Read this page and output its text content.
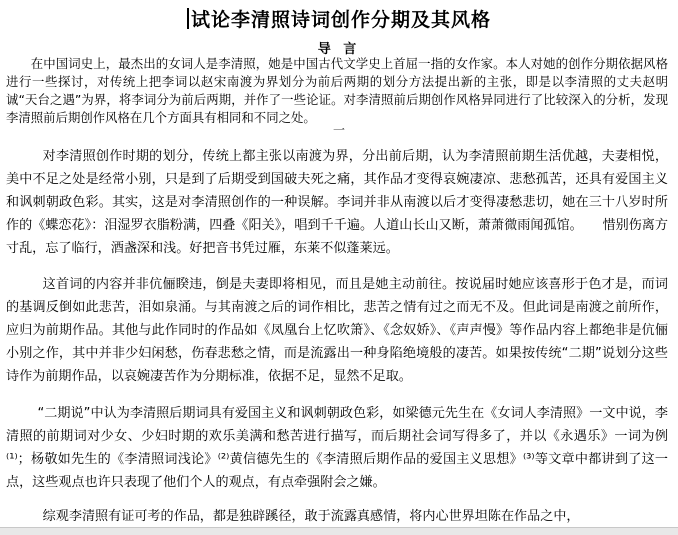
试论李清照诗词创作分期及其风格
导 言

在中国词史上，最杰出的女词人是李清照，她是中国古代文学史上首屈一指的女作家。本人对她的创作分期依据风格进行一些探讨，对传统上把李词以赵宋南渡为界划分为前后两期的划分方法提出新的主张，即是以李清照的丈夫赵明诚“天台之遇”为界，将李词分为前后两期，并作了一些论证。对李清照前后期创作风格异同进行了比较深入的分析，发现李清照前后期创作风格在几个方面具有相同和不同之处。

一

对李清照创作时期的划分，传统上都主张以南渡为界，分出前后期，认为李清照前期生活优越，夫妻相悦，美中不足之处是经常小别，只是到了后期受到国破夫死之痛，其作品才变得哀婉凄凉、悲愁孤苦，还具有爱国主义和讽刺朝政色彩。其实，这是对李清照创作的一种误解。李词并非从南渡以后才变得凄愁悲切，她在三十八岁时所作的《蝶恋花》：泪湿罗衣脂粉满，四叠《阳关》，唱到千千遍。人道山长山又断，萧萧微雨闻孤馆。　　惜别伤离方寸乱，忘了临行，酒盏深和浅。好把音书凭过雁，东莱不似蓬莱远。

这首词的内容并非伉俪睽违，倒是夫妻即将相见，而且是她主动前往。按说届时她应该喜形于色才是，而词的基调反倒如此悲苦，泪如泉涌。与其南渡之后的词作相比，悲苦之情有过之而无不及。但此词是南渡之前所作，应归为前期作品。其他与此作同时的作品如《凤凰台上忆吹箫》、《念奴娇》、《声声慢》等作品内容上都绝非是伉俪小别之作，其中并非少妇闲愁，伤春悲愁之情，而是流露出一种身陷绝境般的凄苦。如果按传统“二期”说划分这些诗作为前期作品，以哀婉凄苦作为分期标准，依据不足，显然不足取。

“二期说”中认为李清照后期词具有爱国主义和讽刺朝政色彩，如梁德元先生在《女词人李清照》一文中说，李清照的前期词对少女、少妇时期的欢乐美满和愁苦进行描写，而后期社会词写得多了，并以《永遇乐》一词为例⁽¹⁾；杨敬如先生的《李清照词浅论》⁽²⁾黄信德先生的《李清照后期作品的爱国主义思想》⁽³⁾等文章中都讲到了这一点，这些观点也许只表现了他们个人的观点，有点牵强附会之嫌。

综观李清照有证可考的作品，都是独辟蹊径，敢于流露真感情，将内心世界坦陈在作品之中，
